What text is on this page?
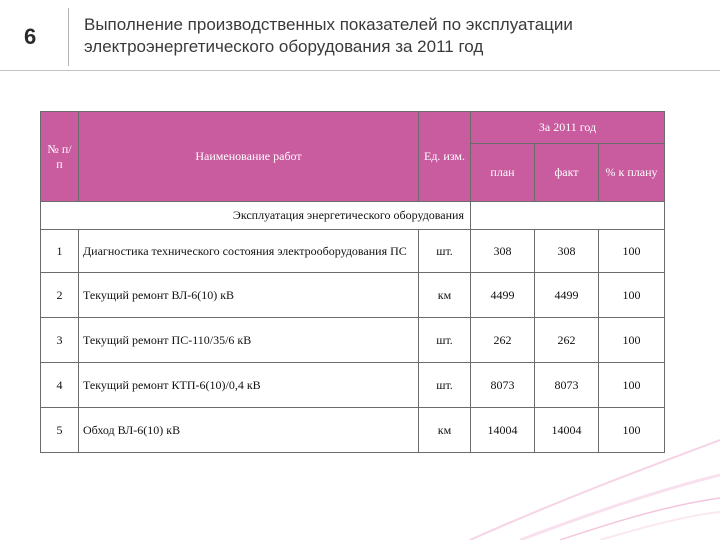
6	Выполнение производственных показателей по эксплуатации электроэнергетического оборудования за 2011 год
№ п/п	Наименование работ	Ед. изм.	За 2011 год		
			план	факт	% к плану
Эксплуатация энергетического оборудования					
1	Диагностика технического состояния электрооборудования ПС	шт.	308	308	100
2	Текущий ремонт ВЛ-6(10) кВ	км	4499	4499	100
3	Текущий ремонт ПС-110/35/6 кВ	шт.	262	262	100
4	Текущий ремонт КТП-6(10)/0,4 кВ	шт.	8073	8073	100
5	Обход ВЛ-6(10) кВ	км	14004	14004	100
